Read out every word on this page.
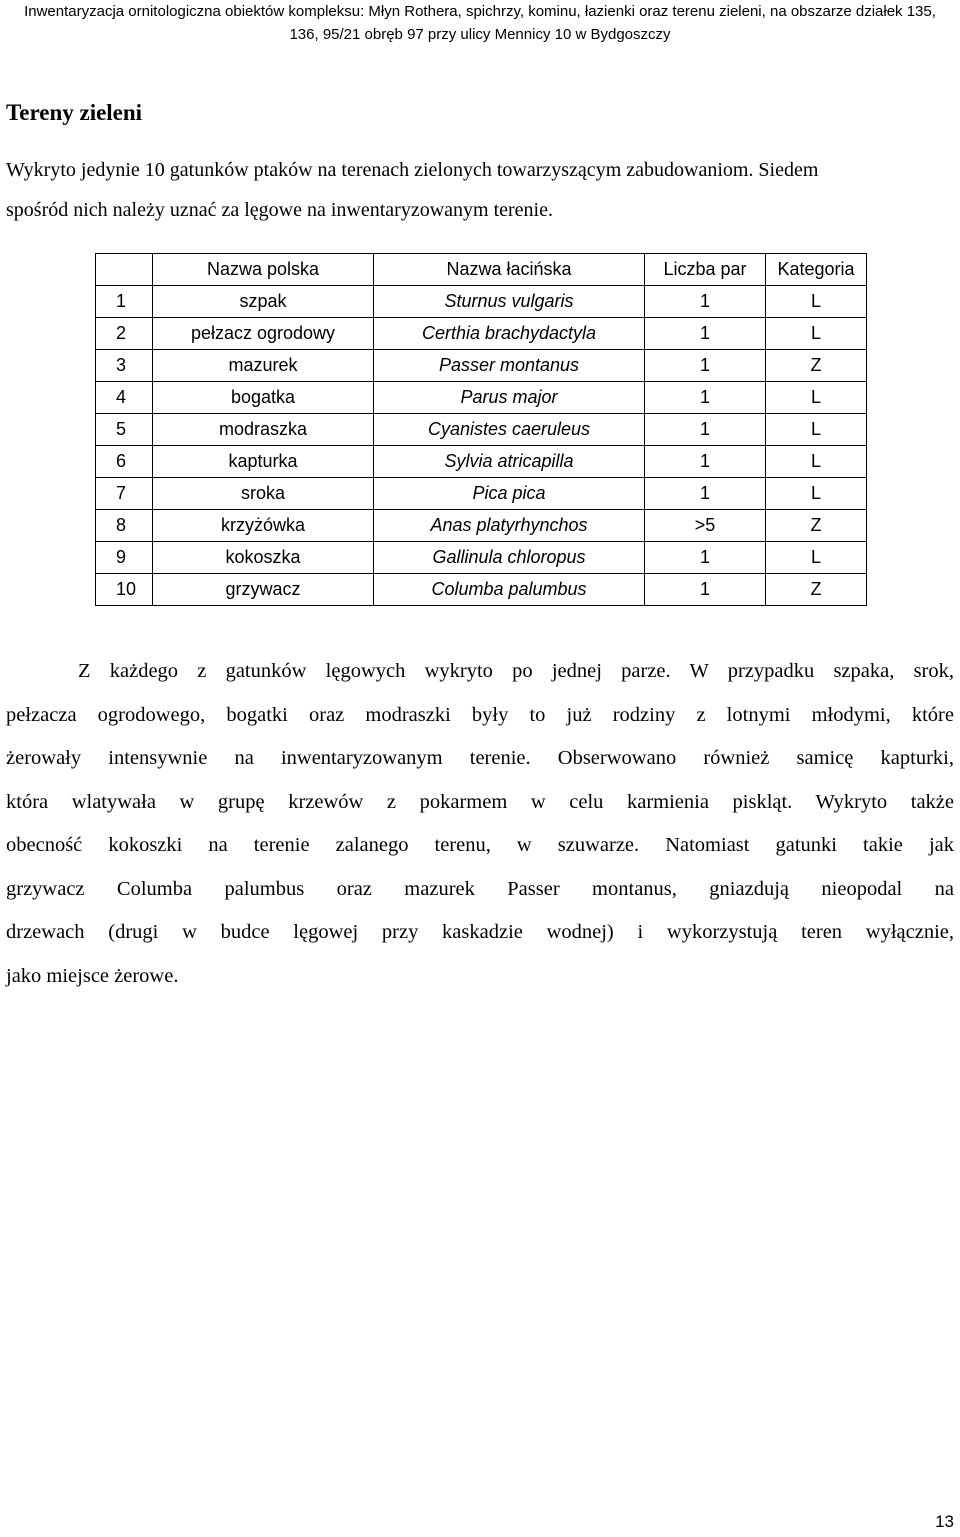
Inwentaryzacja ornitologiczna obiektów kompleksu: Młyn Rothera, spichrzy, kominu, łazienki oraz terenu zieleni, na obszarze działek 135,
136, 95/21 obręb 97 przy ulicy Mennicy 10 w Bydgoszczy
Tereny zieleni

Wykryto jedynie 10 gatunków ptaków na terenach zielonych towarzyszącym zabudowaniom. Siedem
spośród nich należy uznać za lęgowe na inwentaryzowanym terenie.

	Nazwa polska	Nazwa łacińska	Liczba par	Kategoria
1	szpak	Sturnus vulgaris	1	L
2	pełzacz ogrodowy	Certhia brachydactyla	1	L
3	mazurek	Passer montanus	1	Z
4	bogatka	Parus major	1	L
5	modraszka	Cyanistes caeruleus	1	L
6	kapturka	Sylvia atricapilla	1	L
7	sroka	Pica pica	1	L
8	krzyżówka	Anas platyrhynchos	>5	Z
9	kokoszka	Gallinula chloropus	1	L
10	grzywacz	Columba palumbus	1	Z

Z każdego z gatunków lęgowych wykryto po jednej parze. W przypadku szpaka, srok,
pełzacza ogrodowego, bogatki oraz modraszki były to już rodziny z lotnymi młodymi, które
żerowały intensywnie na inwentaryzowanym terenie. Obserwowano również samicę kapturki,
która wlatywała w grupę krzewów z pokarmem w celu karmienia piskląt. Wykryto także
obecność kokoszki na terenie zalanego terenu, w szuwarze. Natomiast gatunki takie jak
grzywacz Columba palumbus oraz mazurek Passer montanus, gniazdują nieopodal na
drzewach (drugi w budce lęgowej przy kaskadzie wodnej) i wykorzystują teren wyłącznie,
jako miejsce żerowe.

13
